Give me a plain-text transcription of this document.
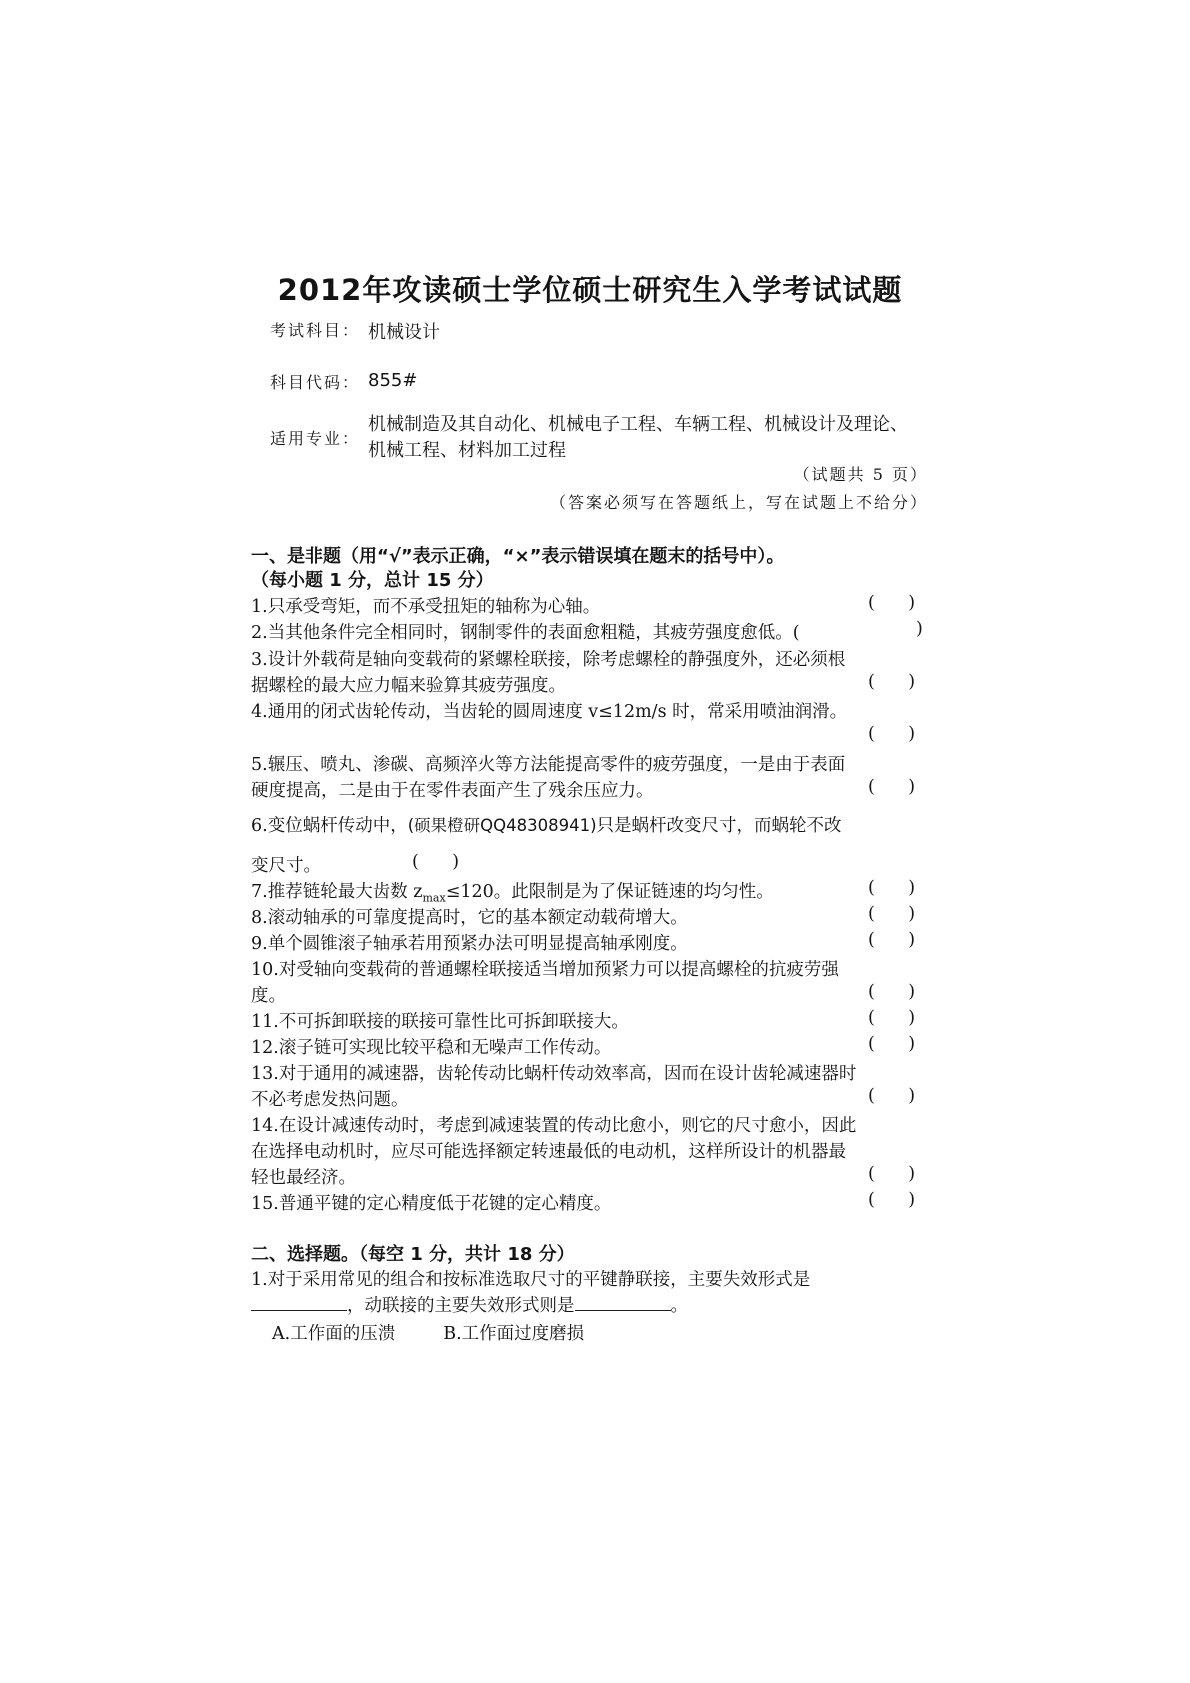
2012年攻读硕士学位硕士研究生入学考试试题
考试科目： 机械设计
科目代码： 855#
适用专业：机械制造及其自动化、机械电子工程、车辆工程、机械设计及理论、
机械工程、材料加工过程
（试题共 5 页）
（答案必须写在答题纸上，写在试题上不给分）
一、是非题（用“√”表示正确，“×”表示错误填在题末的括号中）。
（每小题 1 分，总计 15 分）
1.只承受弯矩，而不承受扭矩的轴称为心轴。	(      )
2.当其他条件完全相同时，钢制零件的表面愈粗糙，其疲劳强度愈低。(	)
3.设计外载荷是轴向变载荷的紧螺栓联接，除考虑螺栓的静强度外，还必须根
据螺栓的最大应力幅来验算其疲劳强度。	(      )
4.通用的闭式齿轮传动，当齿轮的圆周速度 v≤12m/s 时，常采用喷油润滑。
(      )
5.辗压、喷丸、渗碳、高频淬火等方法能提高零件的疲劳强度，一是由于表面
硬度提高，二是由于在零件表面产生了残余压应力。	(      )
6.变位蜗杆传动中，(硕果橙研QQ48308941)只是蜗杆改变尺寸，而蜗轮不改
变尺寸。	(      )
7.推荐链轮最大齿数 $z_{max}\le 120$。此限制是为了保证链速的均匀性。	(      )
8.滚动轴承的可靠度提高时，它的基本额定动载荷增大。	(      )
9.单个圆锥滚子轴承若用预紧办法可明显提高轴承刚度。	(      )
10.对受轴向变载荷的普通螺栓联接适当增加预紧力可以提高螺栓的抗疲劳强
度。	(      )
11.不可拆卸联接的联接可靠性比可拆卸联接大。	(      )
12.滚子链可实现比较平稳和无噪声工作传动。	(      )
13.对于通用的减速器，齿轮传动比蜗杆传动效率高，因而在设计齿轮减速器时
不必考虑发热问题。	(      )
14.在设计减速传动时，考虑到减速装置的传动比愈小，则它的尺寸愈小，因此
在选择电动机时，应尽可能选择额定转速最低的电动机，这样所设计的机器最
轻也最经济。	(      )
15.普通平键的定心精度低于花键的定心精度。	(      )
二、选择题。（每空 1 分，共计 18 分）
1.对于采用常见的组合和按标准选取尺寸的平键静联接，主要失效形式是
，动联接的主要失效形式则是	。
A.工作面的压溃	B.工作面过度磨损
